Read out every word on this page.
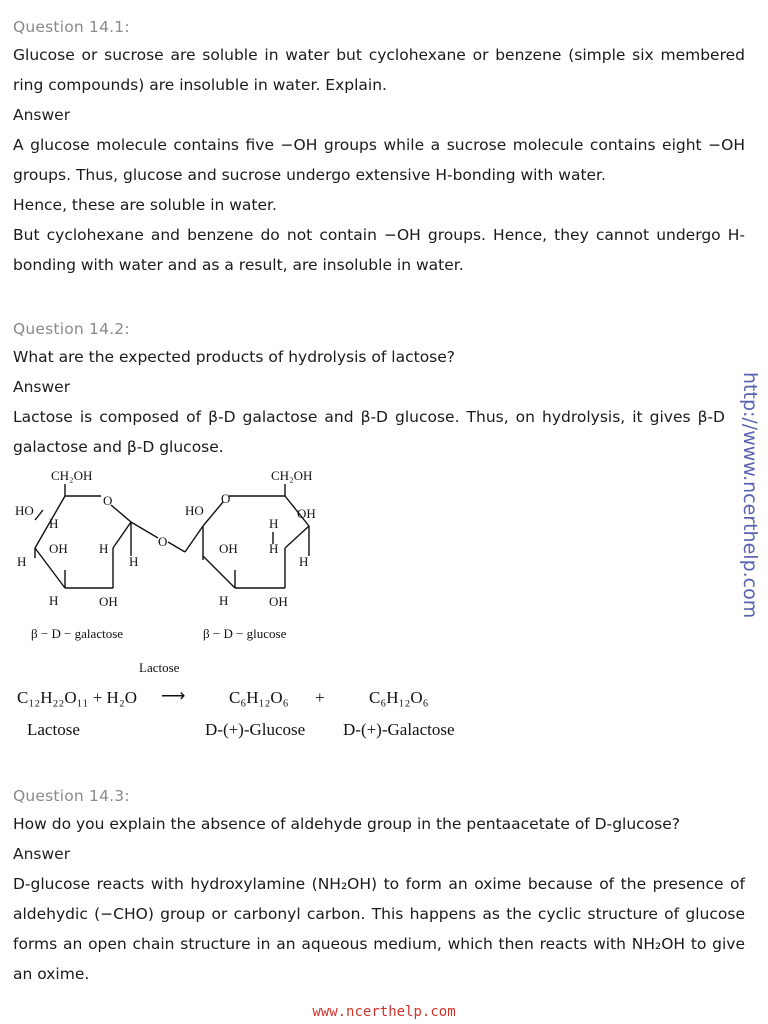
Question 14.1:

Glucose or sucrose are soluble in water but cyclohexane or benzene (simple six membered ring compounds) are insoluble in water. Explain.

Answer

A glucose molecule contains five −OH groups while a sucrose molecule contains eight −OH groups. Thus, glucose and sucrose undergo extensive H-bonding with water.

Hence, these are soluble in water.

But cyclohexane and benzene do not contain −OH groups. Hence, they cannot undergo H-bonding with water and as a result, are insoluble in water.

Question 14.2:

What are the expected products of hydrolysis of lactose?

Answer

Lactose is composed of β-D galactose and β-D glucose. Thus, on hydrolysis, it gives β-D galactose and β-D glucose.

CH₂OH	CH₂OH
HO
O
H
OH H
H	H
H	OH
O
HO
O
OH
H
OH H
H
H	OH
β − D − galactose	β − D − glucose
Lactose
C₁₂H₂₂O₁₁ + H₂O ⟶	C₆H₁₂O₆ +	C₆H₁₂O₆
Lactose	D-(+)-Glucose D-(+)-Galactose

Question 14.3:

How do you explain the absence of aldehyde group in the pentaacetate of D-glucose?

Answer

D-glucose reacts with hydroxylamine (NH₂OH) to form an oxime because of the presence of aldehydic (−CHO) group or carbonyl carbon. This happens as the cyclic structure of glucose forms an open chain structure in an aqueous medium, which then reacts with NH₂OH to give an oxime.

http://www.ncerthelp.com
www.ncerthelp.com
